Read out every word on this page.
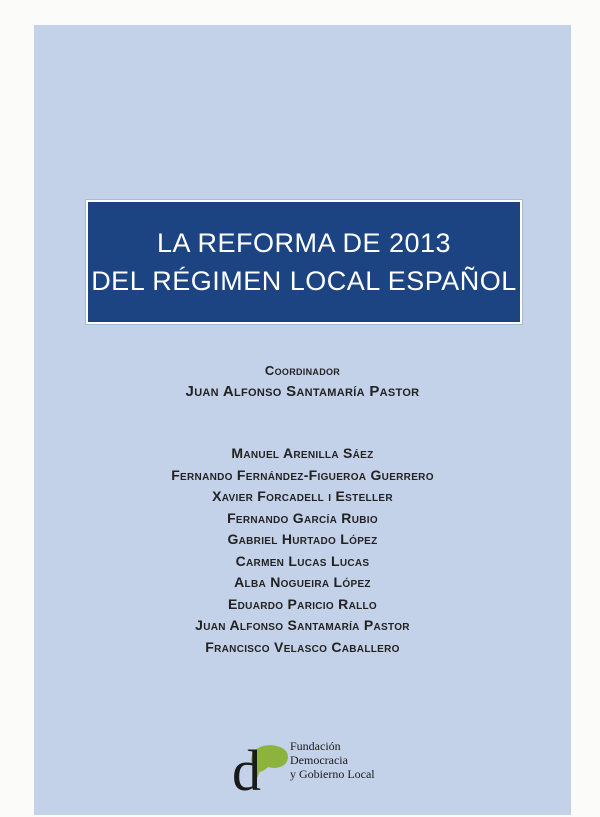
LA REFORMA DE 2013
DEL RÉGIMEN LOCAL ESPAÑOL
Coordinador
Juan Alfonso Santamaría Pastor
Manuel Arenilla Sáez
Fernando Fernández-Figueroa Guerrero
Xavier Forcadell i Esteller
Fernando García Rubio
Gabriel Hurtado López
Carmen Lucas Lucas
Alba Nogueira López
Eduardo Paricio Rallo
Juan Alfonso Santamaría Pastor
Francisco Velasco Caballero
d Fundación
Democracia
y Gobierno Local
